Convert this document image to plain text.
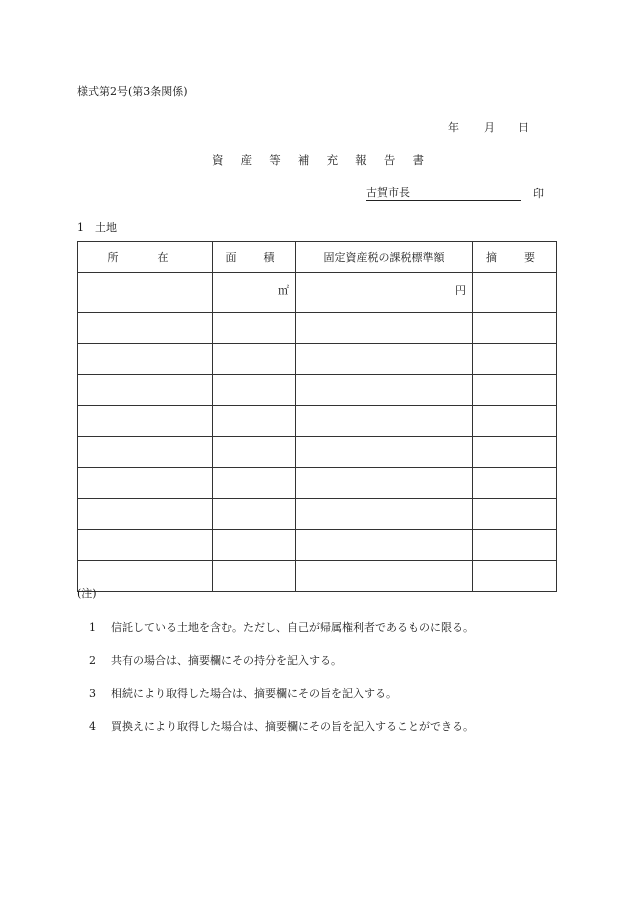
様式第2号(第3条関係)
年	月	日
資 産 等 補 充 報 告 書
古賀市長	印
1　土地
所　在	面　積	固定資産税の課税標準額	摘　要
	㎡	円	

(注)
1	信託している土地を含む。ただし、自己が帰属権利者であるものに限る。
2	共有の場合は、摘要欄にその持分を記入する。
3	相続により取得した場合は、摘要欄にその旨を記入する。
4	買換えにより取得した場合は、摘要欄にその旨を記入することができる。
